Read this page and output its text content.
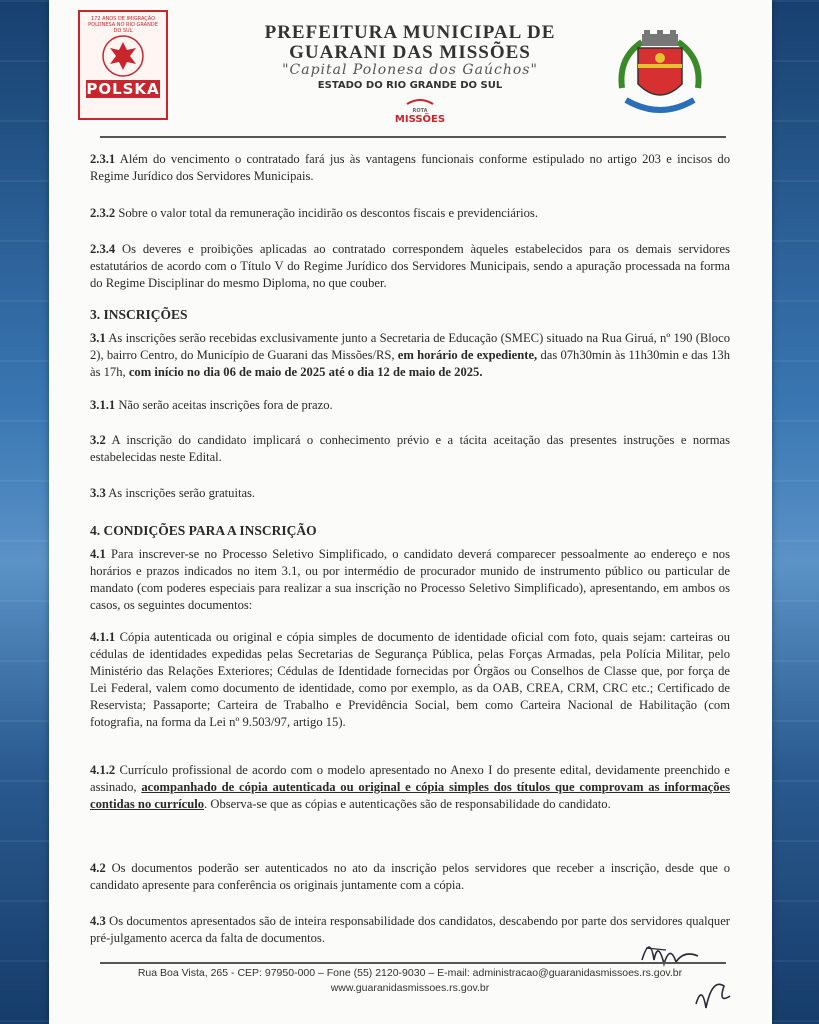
172 ANOS DE IMIGRAÇÃO POLONESA NO RIO GRANDE DO SUL
POLSKA
PREFEITURA MUNICIPAL DE
GUARANI DAS MISSÕES
"Capital Polonesa dos Gaúchos"
ESTADO DO RIO GRANDE DO SUL
ROTA
MISSÕES
2.3.1 Além do vencimento o contratado fará jus às vantagens funcionais conforme estipulado no artigo 203 e incisos do Regime Jurídico dos Servidores Municipais.
2.3.2 Sobre o valor total da remuneração incidirão os descontos fiscais e previdenciários.
2.3.4 Os deveres e proibições aplicadas ao contratado correspondem àqueles estabelecidos para os demais servidores estatutários de acordo com o Título V do Regime Jurídico dos Servidores Municipais, sendo a apuração processada na forma do Regime Disciplinar do mesmo Diploma, no que couber.
3. INSCRIÇÕES
3.1 As inscrições serão recebidas exclusivamente junto a Secretaria de Educação (SMEC) situado na Rua Giruá, nº 190 (Bloco 2), bairro Centro, do Município de Guarani das Missões/RS, em horário de expediente, das 07h30min às 11h30min e das 13h às 17h, com início no dia 06 de maio de 2025 até o dia 12 de maio de 2025.
3.1.1 Não serão aceitas inscrições fora de prazo.
3.2 A inscrição do candidato implicará o conhecimento prévio e a tácita aceitação das presentes instruções e normas estabelecidas neste Edital.
3.3 As inscrições serão gratuitas.
4. CONDIÇÕES PARA A INSCRIÇÃO
4.1 Para inscrever-se no Processo Seletivo Simplificado, o candidato deverá comparecer pessoalmente ao endereço e nos horários e prazos indicados no item 3.1, ou por intermédio de procurador munido de instrumento público ou particular de mandato (com poderes especiais para realizar a sua inscrição no Processo Seletivo Simplificado), apresentando, em ambos os casos, os seguintes documentos:
4.1.1 Cópia autenticada ou original e cópia simples de documento de identidade oficial com foto, quais sejam: carteiras ou cédulas de identidades expedidas pelas Secretarias de Segurança Pública, pelas Forças Armadas, pela Polícia Militar, pelo Ministério das Relações Exteriores; Cédulas de Identidade fornecidas por Órgãos ou Conselhos de Classe que, por força de Lei Federal, valem como documento de identidade, como por exemplo, as da OAB, CREA, CRM, CRC etc.; Certificado de Reservista; Passaporte; Carteira de Trabalho e Previdência Social, bem como Carteira Nacional de Habilitação (com fotografia, na forma da Lei nº 9.503/97, artigo 15).
4.1.2 Currículo profissional de acordo com o modelo apresentado no Anexo I do presente edital, devidamente preenchido e assinado, acompanhado de cópia autenticada ou original e cópia simples dos títulos que comprovam as informações contidas no currículo. Observa-se que as cópias e autenticações são de responsabilidade do candidato.
4.2 Os documentos poderão ser autenticados no ato da inscrição pelos servidores que receber a inscrição, desde que o candidato apresente para conferência os originais juntamente com a cópia.
4.3 Os documentos apresentados são de inteira responsabilidade dos candidatos, descabendo por parte dos servidores qualquer pré-julgamento acerca da falta de documentos.
Rua Boa Vista, 265 - CEP: 97950-000 – Fone (55) 2120-9030 – E-mail: administracao@guaranidasmissoes.rs.gov.br
www.guaranidasmissoes.rs.gov.br
